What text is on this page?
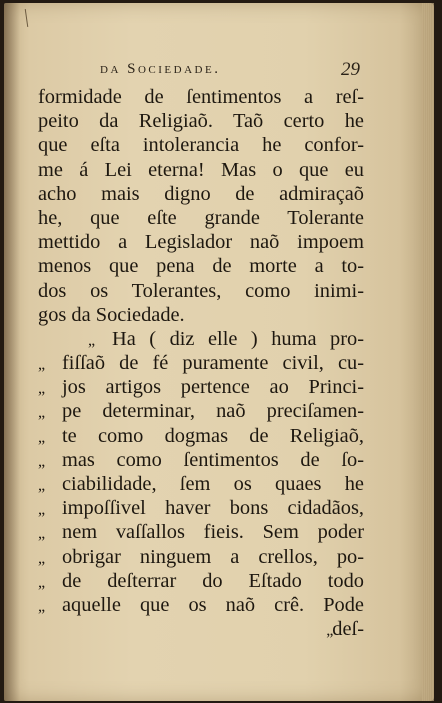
da Sociedade.	29
formidade de ſentimentos a reſ-
peito da Religiaõ. Taõ certo he
que eſta intolerancia he confor-
me á Lei eterna! Mas o que eu
acho mais digno de admiraçaõ
he, que eſte grande Tolerante
mettido a Legislador naõ impoem
menos que pena de morte a to-
dos os Tolerantes, como inimi-
gos da Sociedade.
„ Ha ( diz elle ) huma pro-
„ fiſſaõ de fé puramente civil, cu-
„ jos artigos pertence ao Princi-
„ pe determinar, naõ preciſamen-
„ te como dogmas de Religiaõ,
„ mas como ſentimentos de ſo-
„ ciabilidade, ſem os quaes he
„ impoſſivel haver bons cidadãos,
„ nem vaſſallos fieis. Sem poder
„ obrigar ninguem a crellos, po-
„ de deſterrar do Eſtado todo
„ aquelle que os naõ crê. Pode
„deſ-
